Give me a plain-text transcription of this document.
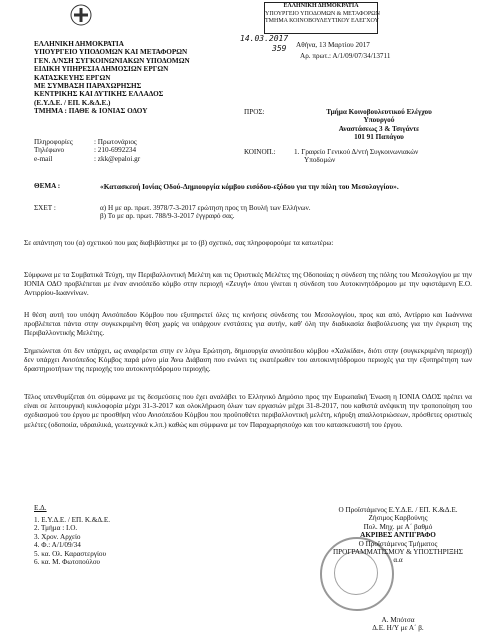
ΕΛΛΗΝΙΚΗ ΔΗΜΟΚΡΑΤΙΑ
ΥΠΟΥΡΓΕΙΟ ΥΠΟΔΟΜΩΝ & ΜΕΤΑΦΟΡΩΝ
ΤΜΗΜΑ ΚΟΙΝΟΒΟΥΛΕΥΤΙΚΟΥ ΕΛΕΓΧΟΥ
ΕΛΛΗΝΙΚΗ ΔΗΜΟΚΡΑΤΙΑ
ΥΠΟΥΡΓΕΙΟ ΥΠΟΔΟΜΩΝ ΚΑΙ ΜΕΤΑΦΟΡΩΝ
ΓΕΝ. Δ/ΝΣΗ ΣΥΓΚΟΙΝΩΝΙΑΚΩΝ ΥΠΟΔΟΜΩΝ
ΕΙΔΙΚΗ ΥΠΗΡΕΣΙΑ ΔΗΜΟΣΙΩΝ ΕΡΓΩΝ
ΚΑΤΑΣΚΕΥΗΣ ΕΡΓΩΝ
ΜΕ ΣΥΜΒΑΣΗ ΠΑΡΑΧΩΡΗΣΗΣ
ΚΕΝΤΡΙΚΗΣ ΚΑΙ ΔΥΤΙΚΗΣ ΕΛΛΑΔΟΣ
(Ε.Υ.Δ.Ε. / ΕΠ. Κ.&Δ.Ε.)
ΤΜΗΜΑ : ΠΑΘΕ & ΙΟΝΙΑΣ ΟΔΟΥ
14.03.2017
359 Αθήνα, 13 Μαρτίου 2017
Αρ. πρωτ.: Α/1/09/07/34/13711
Πληροφορίες	: Πρωτονάριος
Τηλέφωνο	: 210-6992234
e-mail	: zkk@epaloi.gr
ΠΡΟΣ:	Τμήμα Κοινοβουλευτικού Ελέγχου
Υπουργού
Αναστάσεως 3 & Τσιγάντε
101 91 Παπάγου
ΚΟΙΝΟΠ.:	1. Γραφείο Γενικού Δ/ντή Συγκοινωνιακών
Υποδομών
ΘΕΜΑ :	«Κατασκευή Ιονίας Οδού-Δημιουργία κόμβου εισόδου-εξόδου για την πόλη του Μεσολογγίου».
ΣΧΕΤ :	α) Η με αρ. πρωτ. 3978/7-3-2017 ερώτηση προς τη Βουλή των Ελλήνων.
β) Το με αρ. πρωτ. 788/9-3-2017 έγγραφό σας.
Σε απάντηση του (α) σχετικού που μας διαβιβάστηκε με το (β) σχετικό, σας πληροφορούμε τα κατωτέρω:
Σύμφωνα με τα Συμβατικά Τεύχη, την Περιβαλλοντική Μελέτη και τις Οριστικές Μελέτες της Οδοποιίας η σύνδεση της πόλης του Μεσολογγίου με την ΙΟΝΙΑ ΟΔΟ προβλέπεται με έναν ανισόπεδο κόμβο στην περιοχή «Ζευγή» όπου γίνεται η σύνδεση του Αυτοκινητόδρομου με την υφιστάμενη Ε.Ο. Αντιρρίου-Ιωαννίνων.
Η θέση αυτή του υπόψη Ανισόπεδου Κόμβου που εξυπηρετεί όλες τις κινήσεις σύνδεσης του Μεσολογγίου, προς και από, Αντίρριο και Ιωάννινα προβλέπεται πάντα στην συγκεκριμένη θέση χωρίς να υπάρχουν ενστάσεις για αυτήν, καθ' όλη την διαδικασία διαβούλευσης για την έγκριση της Περιβαλλοντικής Μελέτης.
Σημειώνεται ότι δεν υπάρχει, ως αναφέρεται στην εν λόγω Ερώτηση, δημιουργία ανισόπεδου κόμβου «Χαλκίδα», διότι στην (συγκεκριμένη περιοχή) δεν υπάρχει Ανισόπεδος Κόμβος παρά μόνο μία Άνω Διάβαση που ενώνει τις εκατέρωθεν του αυτοκινητόδρομου περιοχές για την εξυπηρέτηση των δραστηριοτήτων της περιοχής του αυτοκινητόδρομου περιοχής.
Τέλος υπενθυμίζεται ότι σύμφωνα με τις δεσμεύσεις που έχει αναλάβει το Ελληνικό Δημόσιο προς την Ευρωπαϊκή Ένωση η ΙΟΝΙΑ ΟΔΟΣ πρέπει να είναι σε λειτουργική κυκλοφορία μέχρι 31-3-2017 και ολοκλήρωση όλων των εργασιών μέχρι 31-8-2017, που καθιστά ανέφικτη την τροποποίηση του σχεδιασμού του έργου με προσθήκη νέου Ανισόπεδου Κόμβου που προϋποθέτει περιβαλλοντική μελέτη, κήρυξη απαλλοτριώσεων, πρόσθετες οριστικές μελέτες (οδοποιία, υδραυλικά, γεωτεχνικά κ.λπ.) καθώς και σύμφωνα με τον Παραχωρησιούχο και του κατασκευαστή του έργου.
Ε.Δ.
1. Ε.Υ.Δ.Ε. / ΕΠ. Κ.&Δ.Ε.
2. Τμήμα : Ι.Ο.
3. Χρον. Αρχείο
4. Φ.: Α/1/09/34
5. κα. Ολ. Καραστεργίου
6. κα. Μ. Φωτοπούλου
Ο Προϊστάμενος Ε.Υ.Δ.Ε. / ΕΠ. Κ.&Δ.Ε.
Ζήσιμος Καρβούνης
Πολ. Μηχ. με Α΄ βαθμό
ΑΚΡΙΒΕΣ ΑΝΤΙΓΡΑΦΟ
Ο Προϊστάμενος Τμήματος
ΠΡΟΓΡΑΜΜΑΤΙΣΜΟΥ & ΥΠΟΣΤΗΡΙΞΗΣ
α.α
Α. Μπότσα
Δ.Ε. Η/Υ με Α΄ β.
